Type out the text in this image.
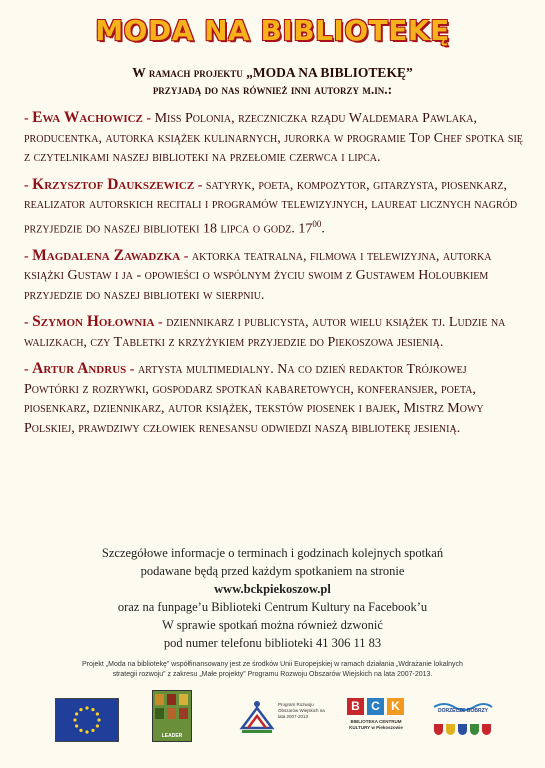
MODA NA BIBLIOTEKĘ
W ramach projektu „MODA NA BIBLIOTEKĘ”
przyjadą do nas również inni autorzy m.in.:
- Ewa Wachowicz - Miss Polonia, rzeczniczka rządu Waldemara Pawlaka, producentka, autorka książek kulinarnych, jurorka w programie Top Chef spotka się z czytelnikami naszej biblioteki na przełomie czerwca i lipca.
- Krzysztof Daukszewicz - satyryk, poeta, kompozytor, gitarzysta, piosenkarz, realizator autorskich recitali i programów telewizyjnych, laureat licznych nagród przyjedzie do naszej biblioteki 18 lipca o godz. $17^{00}$.
- Magdalena Zawadzka - aktorka teatralna, filmowa i telewizyjna, autorka książki Gustaw i ja - opowieści o wspólnym życiu swoim z Gustawem Holoubkiem przyjedzie do naszej biblioteki w sierpniu.
- Szymon Hołownia - dziennikarz i publicysta, autor wielu książek tj. Ludzie na walizkach, czy Tabletki z krzyżykiem przyjedzie do Piekoszowa jesienią.
- Artur Andrus - artysta multimedialny. Na co dzień redaktor Trójkowej Powtórki z rozrywki, gospodarz spotkań kabaretowych, konferansjer, poeta, piosenkarz, dziennikarz, autor książek, tekstów piosenek i bajek, Mistrz Mowy Polskiej, prawdziwy człowiek renesansu odwiedzi naszą bibliotekę jesienią.
Szczegółowe informacje o terminach i godzinach kolejnych spotkań
podawane będą przed każdym spotkaniem na stronie
www.bckpiekoszow.pl
oraz na funpage’u Biblioteki Centrum Kultury na Facebook’u
W sprawie spotkań można również dzwonić
pod numer telefonu biblioteki 41 306 11 83
Projekt „Moda na bibliotekę” współfinansowany jest ze środków Unii Europejskiej w ramach działania „Wdrażanie lokalnych
strategii rozwoju” z zakresu „Małe projekty” Programu Rozwoju Obszarów Wiejskich na lata 2007-2013.
LEADER
Program Rozwoju Obszarów Wiejskich na lata 2007-2013
B C K
BIBLIOTEKA CENTRUM KULTURY w Piekoszowie
DORZECZE BOBRZY
